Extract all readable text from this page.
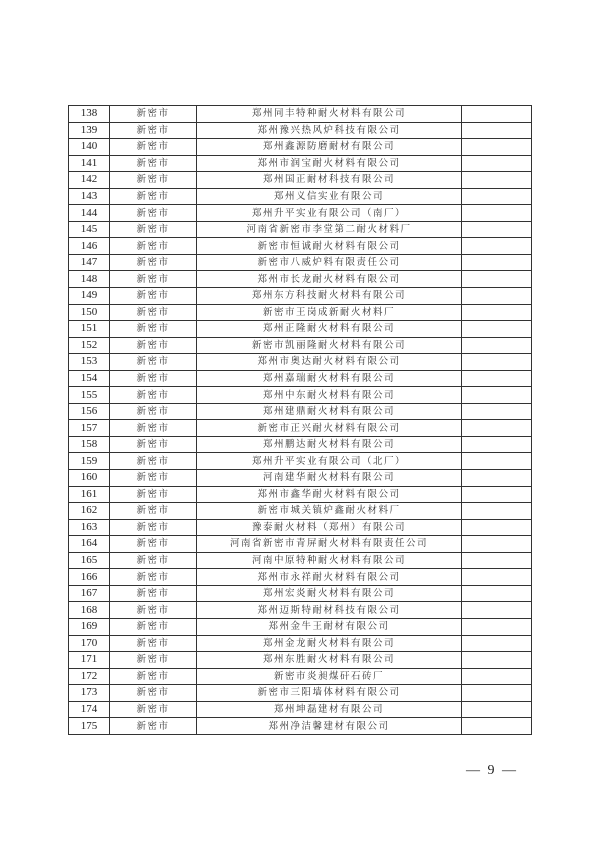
138	新密市	郑州同丰特种耐火材料有限公司	
139	新密市	郑州豫兴热风炉科技有限公司	
140	新密市	郑州鑫源防磨耐材有限公司	
141	新密市	郑州市润宝耐火材料有限公司	
142	新密市	郑州国正耐材科技有限公司	
143	新密市	郑州义信实业有限公司	
144	新密市	郑州升平实业有限公司（南厂）	
145	新密市	河南省新密市李堂第二耐火材料厂	
146	新密市	新密市恒诚耐火材料有限公司	
147	新密市	新密市八威炉料有限责任公司	
148	新密市	郑州市长龙耐火材料有限公司	
149	新密市	郑州东方科技耐火材料有限公司	
150	新密市	新密市王岗成新耐火材料厂	
151	新密市	郑州正隆耐火材料有限公司	
152	新密市	新密市凯丽隆耐火材料有限公司	
153	新密市	郑州市奥达耐火材料有限公司	
154	新密市	郑州嘉瑞耐火材料有限公司	
155	新密市	郑州中东耐火材料有限公司	
156	新密市	郑州建鼎耐火材料有限公司	
157	新密市	新密市正兴耐火材料有限公司	
158	新密市	郑州鹏达耐火材料有限公司	
159	新密市	郑州升平实业有限公司（北厂）	
160	新密市	河南建华耐火材料有限公司	
161	新密市	郑州市鑫华耐火材料有限公司	
162	新密市	新密市城关镇炉鑫耐火材料厂	
163	新密市	豫泰耐火材料（郑州）有限公司	
164	新密市	河南省新密市青屏耐火材料有限责任公司	
165	新密市	河南中原特种耐火材料有限公司	
166	新密市	郑州市永祥耐火材料有限公司	
167	新密市	郑州宏炎耐火材料有限公司	
168	新密市	郑州迈斯特耐材科技有限公司	
169	新密市	郑州金牛王耐材有限公司	
170	新密市	郑州金龙耐火材料有限公司	
171	新密市	郑州东胜耐火材料有限公司	
172	新密市	新密市炎昶煤矸石砖厂	
173	新密市	新密市三阳墙体材料有限公司	
174	新密市	郑州坤磊建材有限公司	
175	新密市	郑州净洁馨建材有限公司	
— 9 —
